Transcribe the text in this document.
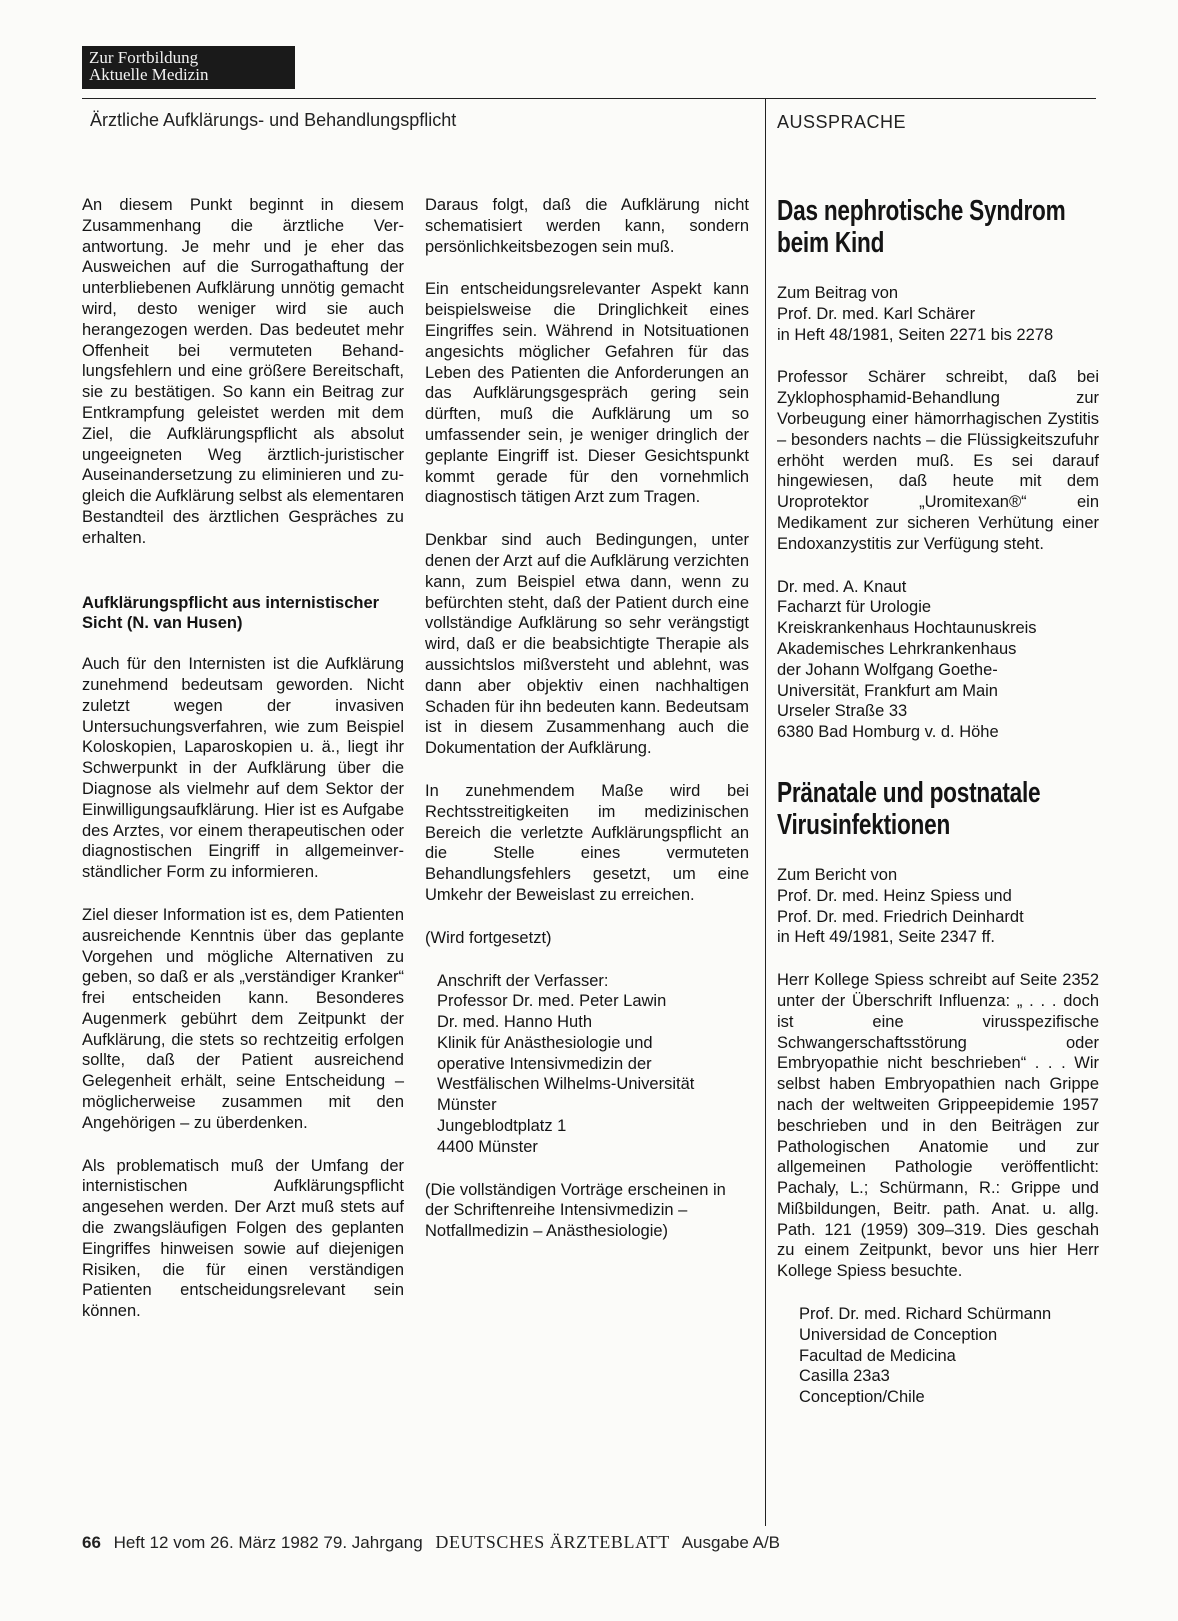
Zur Fortbildung
Aktuelle Medizin
Ärztliche Aufklärungs- und Behandlungspflicht	AUSSPRACHE

An diesem Punkt beginnt in diesem Zusammenhang die ärztliche Verantwortung. Je mehr und je eher das Ausweichen auf die Surrogathaftung der unterbliebenen Aufklärung unnötig gemacht wird, desto weniger wird sie auch herangezogen werden. Das bedeutet mehr Offenheit bei vermuteten Behandlungsfehlern und eine größere Bereitschaft, sie zu bestätigen. So kann ein Beitrag zur Entkrampfung geleistet werden mit dem Ziel, die Aufklärungspflicht als absolut ungeeigneten Weg ärztlich-juristischer Auseinandersetzung zu eliminieren und zugleich die Aufklärung selbst als elementaren Bestandteil des ärztlichen Gespräches zu erhalten.

Aufklärungspflicht aus internistischer Sicht (N. van Husen)

Auch für den Internisten ist die Aufklärung zunehmend bedeutsam geworden. Nicht zuletzt wegen der invasiven Untersuchungsverfahren, wie zum Beispiel Koloskopien, Laparoskopien u. ä., liegt ihr Schwerpunkt in der Aufklärung über die Diagnose als vielmehr auf dem Sektor der Einwilligungsaufklärung. Hier ist es Aufgabe des Arztes, vor einem therapeutischen oder diagnostischen Eingriff in allgemeinverständlicher Form zu informieren.

Ziel dieser Information ist es, dem Patienten ausreichende Kenntnis über das geplante Vorgehen und mögliche Alternativen zu geben, so daß er als „verständiger Kranker“ frei entscheiden kann. Besonderes Augenmerk gebührt dem Zeitpunkt der Aufklärung, die stets so rechtzeitig erfolgen sollte, daß der Patient ausreichend Gelegenheit erhält, seine Entscheidung – möglicherweise zusammen mit den Angehörigen – zu überdenken.

Als problematisch muß der Umfang der internistischen Aufklärungspflicht angesehen werden. Der Arzt muß stets auf die zwangsläufigen Folgen des geplanten Eingriffes hinweisen sowie auf diejenigen Risiken, die für einen verständigen Patienten entscheidungsrelevant sein können.

Daraus folgt, daß die Aufklärung nicht schematisiert werden kann, sondern persönlichkeitsbezogen sein muß.

Ein entscheidungsrelevanter Aspekt kann beispielsweise die Dringlichkeit eines Eingriffes sein. Während in Notsituationen angesichts möglicher Gefahren für das Leben des Patienten die Anforderungen an das Aufklärungsgespräch gering sein dürften, muß die Aufklärung um so umfassender sein, je weniger dringlich der geplante Eingriff ist. Dieser Gesichtspunkt kommt gerade für den vornehmlich diagnostisch tätigen Arzt zum Tragen.

Denkbar sind auch Bedingungen, unter denen der Arzt auf die Aufklärung verzichten kann, zum Beispiel etwa dann, wenn zu befürchten steht, daß der Patient durch eine vollständige Aufklärung so sehr verängstigt wird, daß er die beabsichtigte Therapie als aussichtslos mißversteht und ablehnt, was dann aber objektiv einen nachhaltigen Schaden für ihn bedeuten kann. Bedeutsam ist in diesem Zusammenhang auch die Dokumentation der Aufklärung.

In zunehmendem Maße wird bei Rechtsstreitigkeiten im medizinischen Bereich die verletzte Aufklärungspflicht an die Stelle eines vermuteten Behandlungsfehlers gesetzt, um eine Umkehr der Beweislast zu erreichen.

(Wird fortgesetzt)

Anschrift der Verfasser:
Professor Dr. med. Peter Lawin
Dr. med. Hanno Huth
Klinik für Anästhesiologie und
operative Intensivmedizin der
Westfälischen Wilhelms-Universität
Münster
Jungeblodtplatz 1
4400 Münster

(Die vollständigen Vorträge erscheinen in der Schriftenreihe Intensivmedizin – Notfallmedizin – Anästhesiologie)

Das nephrotische Syndrom
beim Kind
Zum Beitrag von
Prof. Dr. med. Karl Schärer
in Heft 48/1981, Seiten 2271 bis 2278

Professor Schärer schreibt, daß bei Zyklophosphamid-Behandlung zur Vorbeugung einer hämorrhagischen Zystitis – besonders nachts – die Flüssigkeitszufuhr erhöht werden muß. Es sei darauf hingewiesen, daß heute mit dem Uroprotektor „Uromitexan®“ ein Medikament zur sicheren Verhütung einer Endoxanzystitis zur Verfügung steht.

Dr. med. A. Knaut
Facharzt für Urologie
Kreiskrankenhaus Hochtaunuskreis
Akademisches Lehrkrankenhaus
der Johann Wolfgang Goethe-
Universität, Frankfurt am Main
Urseler Straße 33
6380 Bad Homburg v. d. Höhe
Pränatale und postnatale
Virusinfektionen
Zum Bericht von
Prof. Dr. med. Heinz Spiess und
Prof. Dr. med. Friedrich Deinhardt
in Heft 49/1981, Seite 2347 ff.

Herr Kollege Spiess schreibt auf Seite 2352 unter der Überschrift Influenza: „ . . . doch ist eine virusspezifische Schwangerschaftsstörung oder Embryopathie nicht beschrieben“ . . . Wir selbst haben Embryopathien nach Grippe nach der weltweiten Grippeepidemie 1957 beschrieben und in den Beiträgen zur Pathologischen Anatomie und zur allgemeinen Pathologie veröffentlicht: Pachaly, L.; Schürmann, R.: Grippe und Mißbildungen, Beitr. path. Anat. u. allg. Path. 121 (1959) 309–319. Dies geschah zu einem Zeitpunkt, bevor uns hier Herr Kollege Spiess besuchte.

Prof. Dr. med. Richard Schürmann
Universidad de Conception
Facultad de Medicina
Casilla 23a3
Conception/Chile
66 Heft 12 vom 26. März 1982 79. Jahrgang DEUTSCHES ÄRZTEBLATT Ausgabe A/B
